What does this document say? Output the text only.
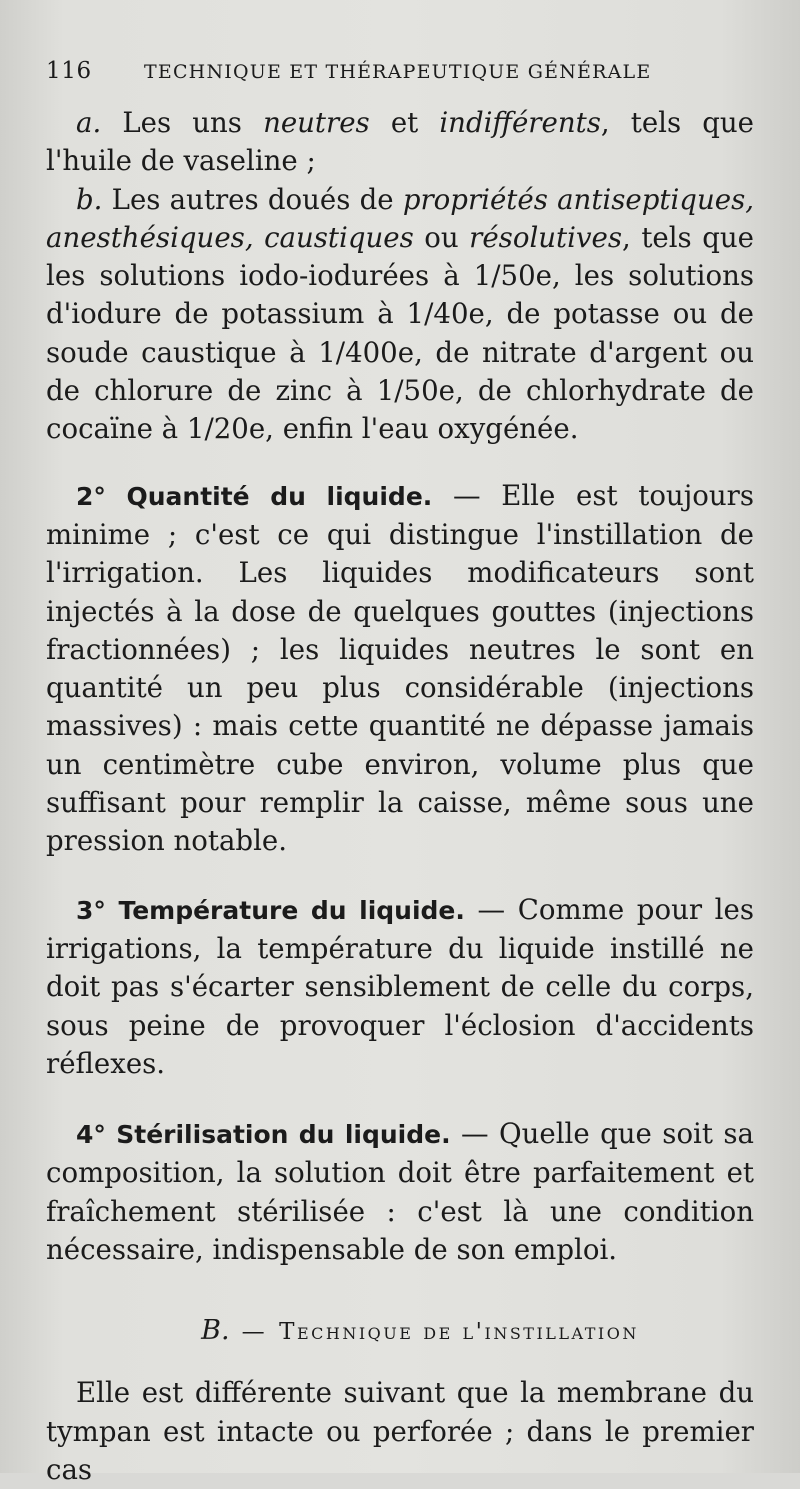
116	TECHNIQUE ET THÉRAPEUTIQUE GÉNÉRALE

a. Les uns neutres et indifférents, tels que l'huile de vaseline ;

b. Les autres doués de propriétés antiseptiques, anesthésiques, caustiques ou résolutives, tels que les solutions iodo-iodurées à 1/50e, les solutions d'iodure de potassium à 1/40e, de potasse ou de soude caustique à 1/400e, de nitrate d'argent ou de chlorure de zinc à 1/50e, de chlorhydrate de cocaïne à 1/20e, enfin l'eau oxygénée.

2° Quantité du liquide. — Elle est toujours minime ; c'est ce qui distingue l'instillation de l'irrigation. Les liquides modificateurs sont injectés à la dose de quelques gouttes (injections fractionnées) ; les liquides neutres le sont en quantité un peu plus considérable (injections massives) : mais cette quantité ne dépasse jamais un centimètre cube environ, volume plus que suffisant pour remplir la caisse, même sous une pression notable.

3° Température du liquide. — Comme pour les irrigations, la température du liquide instillé ne doit pas s'écarter sensiblement de celle du corps, sous peine de provoquer l'éclosion d'accidents réflexes.

4° Stérilisation du liquide. — Quelle que soit sa composition, la solution doit être parfaitement et fraîchement stérilisée : c'est là une condition nécessaire, indispensable de son emploi.

B. — Technique de l'instillation

Elle est différente suivant que la membrane du tympan est intacte ou perforée ; dans le premier cas
